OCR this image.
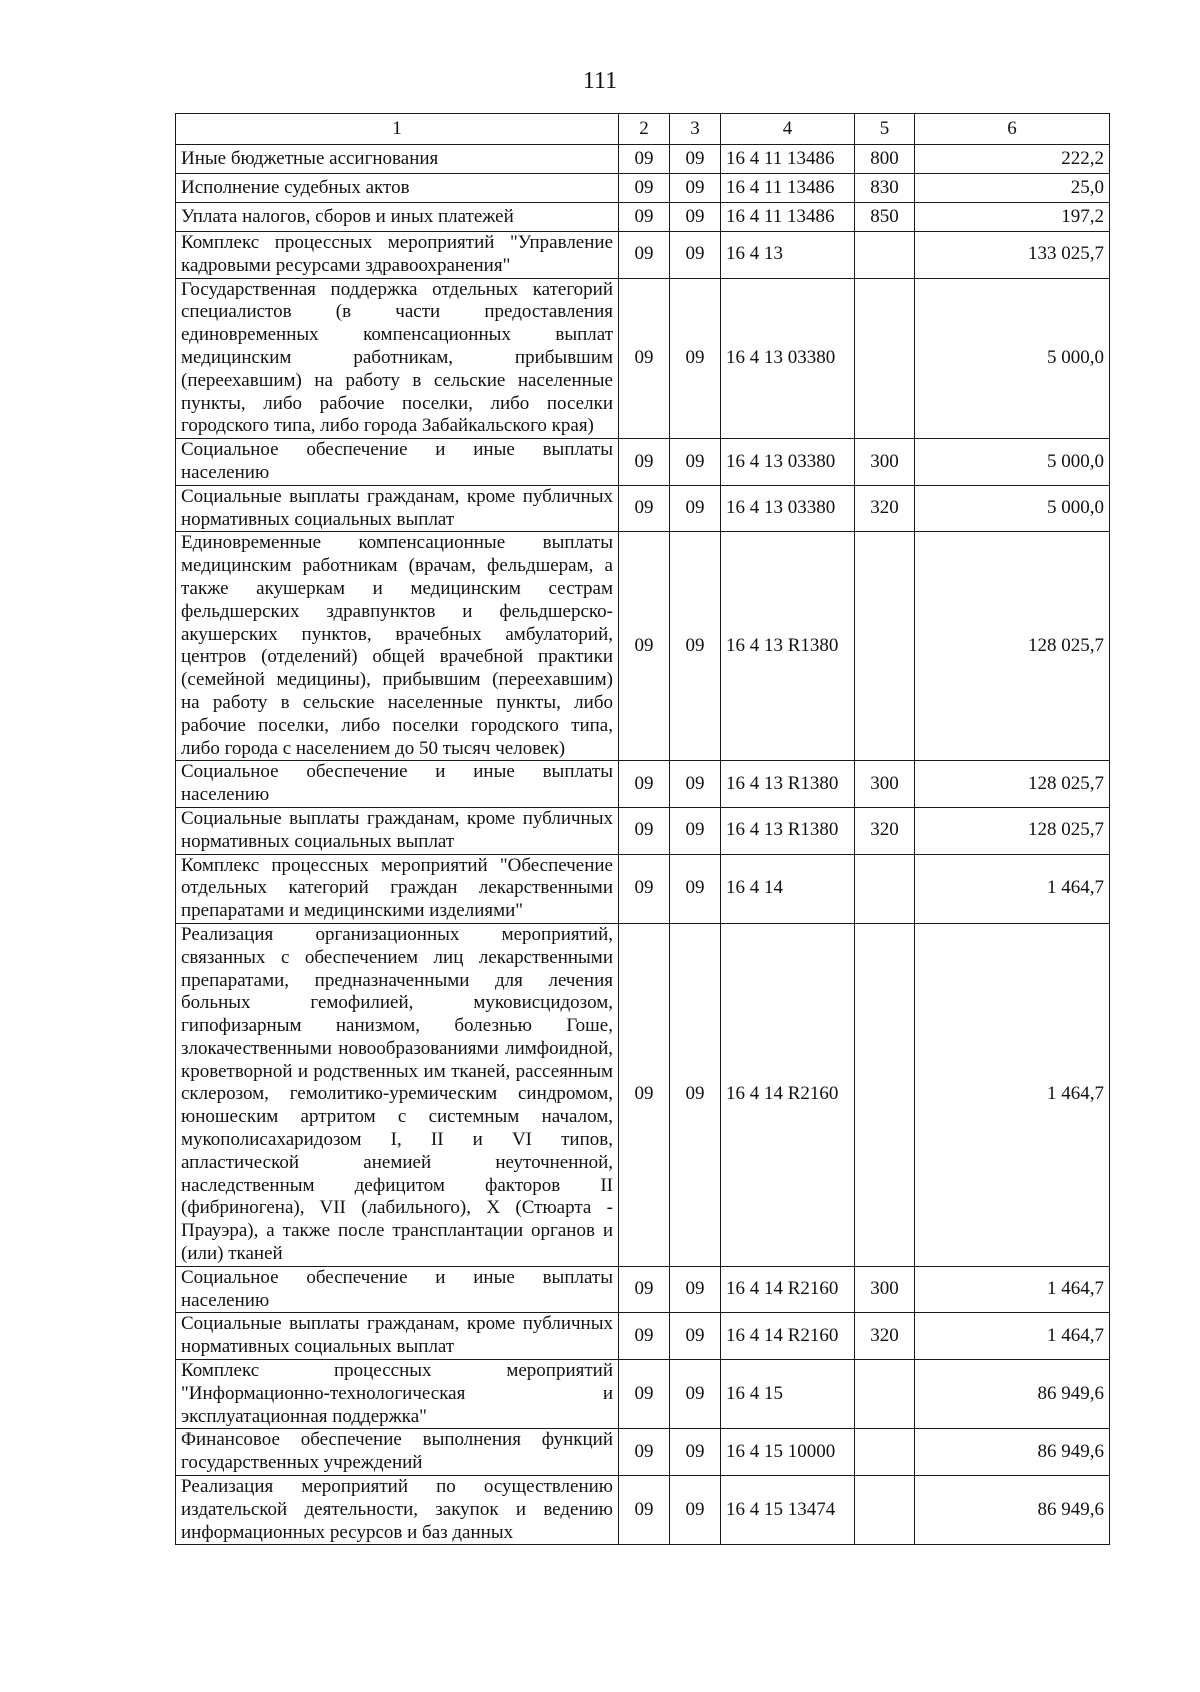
111
1	2	3	4	5	6
Иные бюджетные ассигнования	09	09	16 4 11 13486	800	222,2
Исполнение судебных актов	09	09	16 4 11 13486	830	25,0
Уплата налогов, сборов и иных платежей	09	09	16 4 11 13486	850	197,2
Комплекс процессных мероприятий "Управление кадровыми ресурсами здравоохранения"	09	09	16 4 13		133 025,7
Государственная поддержка отдельных категорий специалистов (в части предоставления единовременных компенсационных выплат медицинским работникам, прибывшим (переехавшим) на работу в сельские населенные пункты, либо рабочие поселки, либо поселки городского типа, либо города Забайкальского края)	09	09	16 4 13 03380		5 000,0
Социальное обеспечение и иные выплаты населению	09	09	16 4 13 03380	300	5 000,0
Социальные выплаты гражданам, кроме публичных нормативных социальных выплат	09	09	16 4 13 03380	320	5 000,0
Единовременные компенсационные выплаты медицинским работникам (врачам, фельдшерам, а также акушеркам и медицинским сестрам фельдшерских здравпунктов и фельдшерско-акушерских пунктов, врачебных амбулаторий, центров (отделений) общей врачебной практики (семейной медицины), прибывшим (переехавшим) на работу в сельские населенные пункты, либо рабочие поселки, либо поселки городского типа, либо города с населением до 50 тысяч человек)	09	09	16 4 13 R1380		128 025,7
Социальное обеспечение и иные выплаты населению	09	09	16 4 13 R1380	300	128 025,7
Социальные выплаты гражданам, кроме публичных нормативных социальных выплат	09	09	16 4 13 R1380	320	128 025,7
Комплекс процессных мероприятий "Обеспечение отдельных категорий граждан лекарственными препаратами и медицинскими изделиями"	09	09	16 4 14		1 464,7
Реализация организационных мероприятий, связанных с обеспечением лиц лекарственными препаратами, предназначенными для лечения больных гемофилией, муковисцидозом, гипофизарным нанизмом, болезнью Гоше, злокачественными новообразованиями лимфоидной, кроветворной и родственных им тканей, рассеянным склерозом, гемолитико-уремическим синдромом, юношеским артритом с системным началом, мукополисахаридозом I, II и VI типов, апластической анемией неуточненной, наследственным дефицитом факторов II (фибриногена), VII (лабильного), X (Стюарта - Прауэра), а также после трансплантации органов и (или) тканей	09	09	16 4 14 R2160		1 464,7
Социальное обеспечение и иные выплаты населению	09	09	16 4 14 R2160	300	1 464,7
Социальные выплаты гражданам, кроме публичных нормативных социальных выплат	09	09	16 4 14 R2160	320	1 464,7
Комплекс процессных мероприятий "Информационно-технологическая и эксплуатационная поддержка"	09	09	16 4 15		86 949,6
Финансовое обеспечение выполнения функций государственных учреждений	09	09	16 4 15 10000		86 949,6
Реализация мероприятий по осуществлению издательской деятельности, закупок и ведению информационных ресурсов и баз данных	09	09	16 4 15 13474		86 949,6
